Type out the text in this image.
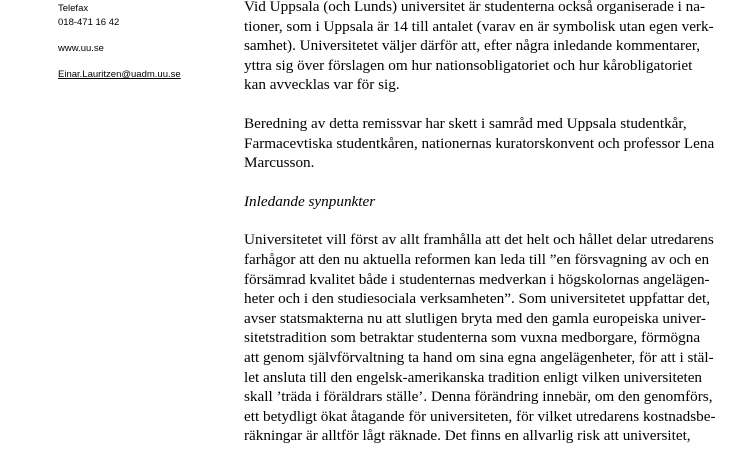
Telefax
018-471 16 42
www.uu.se
Einar.Lauritzen@uadm.uu.se
Vid Uppsala (och Lunds) universitet är studenterna också organiserade i na-
tioner, som i Uppsala är 14 till antalet (varav en är symbolisk utan egen verk-
samhet). Universitetet väljer därför att, efter några inledande kommentarer,
yttra sig över förslagen om hur nationsobligatoriet och hur kårobligatoriet
kan avvecklas var för sig.
Beredning av detta remissvar har skett i samråd med Uppsala studentkår,
Farmacevtiska studentkåren, nationernas kuratorskonvent och professor Lena
Marcusson.
Inledande synpunkter
Universitetet vill först av allt framhålla att det helt och hållet delar utredarens
farhågor att den nu aktuella reformen kan leda till ”en försvagning av och en
försämrad kvalitet både i studenternas medverkan i högskolornas angelägen-
heter och i den studiesociala verksamheten”. Som universitetet uppfattar det,
avser statsmakterna nu att slutligen bryta med den gamla europeiska univer-
sitetstradition som betraktar studenterna som vuxna medborgare, förmögna
att genom självförvaltning ta hand om sina egna angelägenheter, för att i stäl-
let ansluta till den engelsk-amerikanska tradition enligt vilken universiteten
skall ’träda i föräldrars ställe’. Denna förändring innebär, om den genomförs,
ett betydligt ökat åtagande för universiteten, för vilket utredarens kostnadsbe-
räkningar är alltför lågt räknade. Det finns en allvarlig risk att universitet,
